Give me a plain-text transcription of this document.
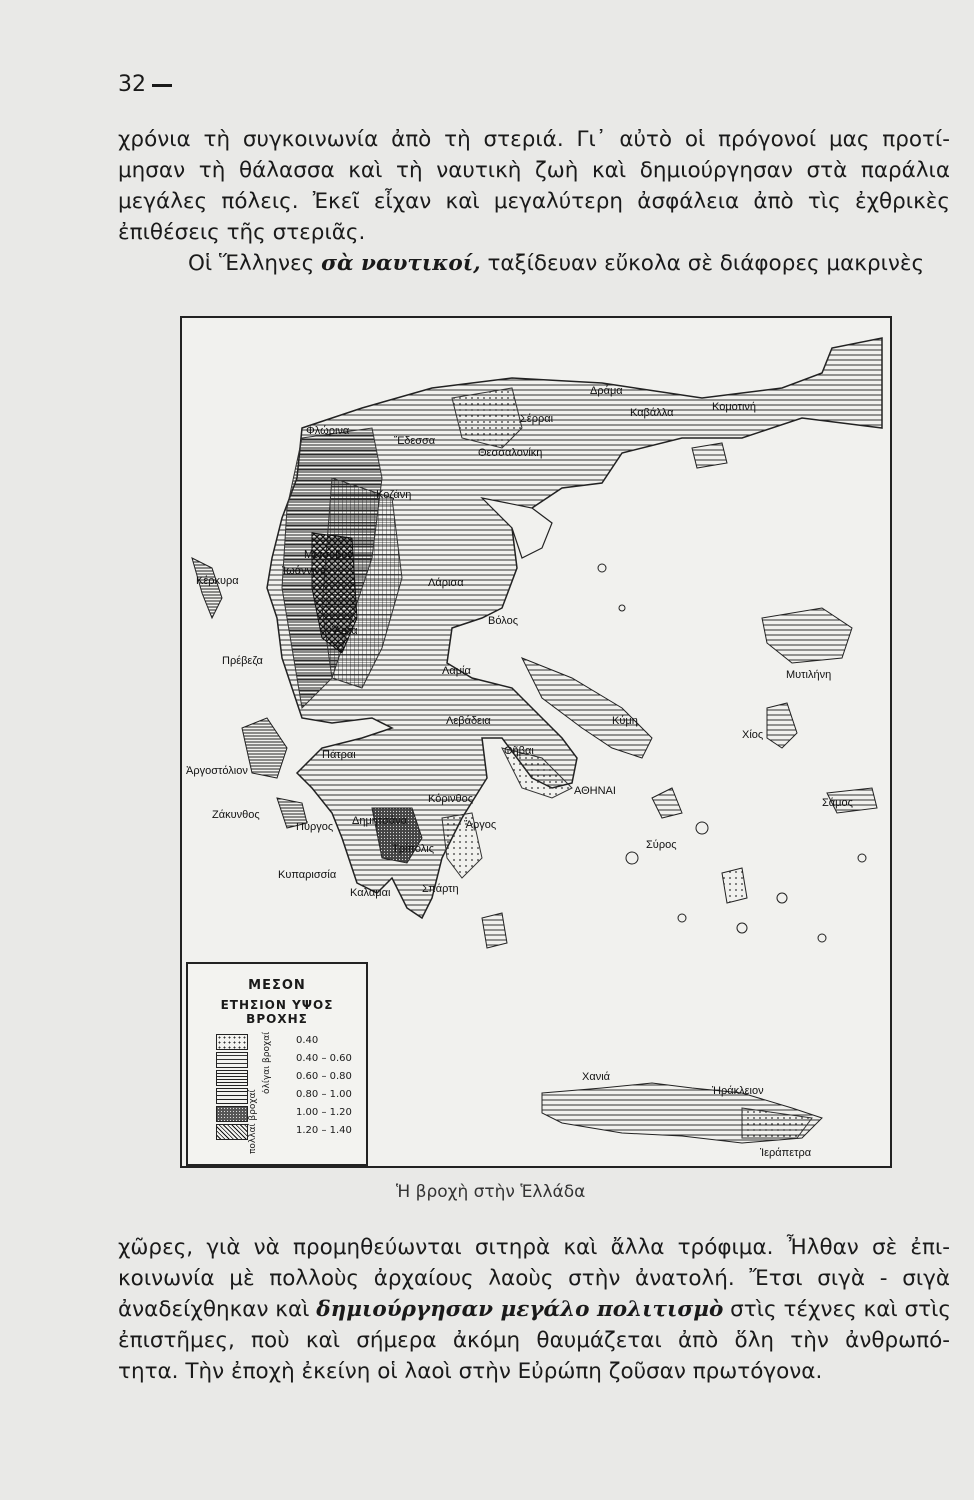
32
χρόνια τὴ συγκοινωνία ἀπὸ τὴ στεριά. Γι᾽ αὐτὸ οἱ πρόγονοί μας προτί-
μησαν τὴ θάλασσα καὶ τὴ ναυτικὴ ζωὴ καὶ δημιούργησαν στὰ παράλια
μεγάλες πόλεις. Ἐκεῖ εἶχαν καὶ μεγαλύτερη ἀσφάλεια ἀπὸ τὶς ἐχθρικὲς
ἐπιθέσεις τῆς στεριᾶς.
Οἱ Ἕλληνες σὰ ναυτικοί, ταξίδευαν εὔκολα σὲ διάφορες μακρινὲς
Δράμα
Σέρραι	Καβάλλα	Κομοτινή
Φλώρινα
Ἔδεσσα
Θεσσαλονίκη
Κοζάνη
Μέτσοβον
Ἰωάννινα
Κέρκυρα	Λάρισα
Βόλος
Ἄρτα
Πρέβεζα
Λαμία	Μυτιλήνη
Κύμη
Λεβάδεια
Χίος
Ἀργοστόλιον
Πάτραι	Θῆβαι
ΑΘΗΝΑΙ
Σάμος
Κόρινθος
Ζάκυνθος
Πύργος Δημητσάνα	Ἄργος
Σύρος
Τρίπολις
Κυπαρισσία
Καλαμαι	Σπάρτη
Χανιά
Ἡράκλειον
Ἱεράπετρα
ΜΕΣΟΝ
ΕΤΗΣΙΟΝ ΥΨΟΣ ΒΡΟΧΗΣ
ὀλίγαι βροχαί
πολλαί βροχαί
0.40
0.40 – 0.60
0.60 – 0.80
0.80 – 1.00
1.00 – 1.20
1.20 – 1.40
Ἡ βροχὴ στὴν Ἑλλάδα
χῶρες, γιὰ νὰ προμηθεύωνται σιτηρὰ καὶ ἄλλα τρόφιμα. Ἦλθαν σὲ ἐπι-
κοινωνία μὲ πολλοὺς ἀρχαίους λαοὺς στὴν ἀνατολή. Ἔτσι σιγὰ - σιγὰ
ἀναδείχθηκαν καὶ δημιούργησαν μεγάλο πολιτισμὸ στὶς τέχνες καὶ στὶς
ἐπιστῆμες, ποὺ καὶ σήμερα ἀκόμη θαυμάζεται ἀπὸ ὅλη τὴν ἀνθρωπό-
τητα. Τὴν ἐποχὴ ἐκείνη οἱ λαοὶ στὴν Εὐρώπη ζοῦσαν πρωτόγονα.
